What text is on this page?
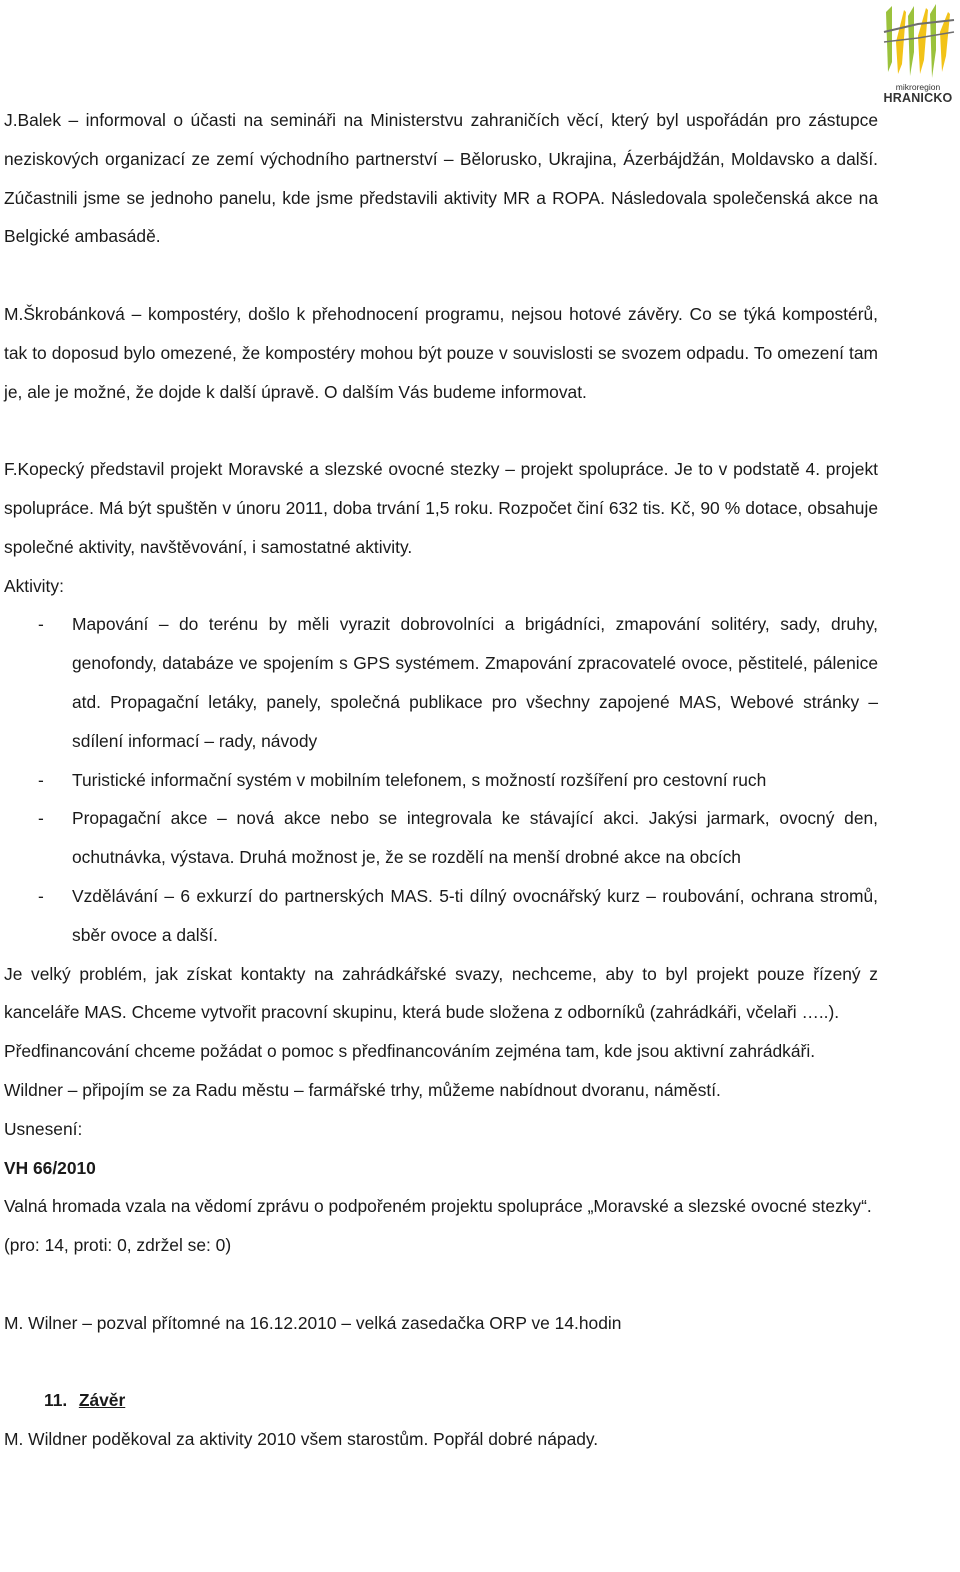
mikroregion
HRANICKO

J.Balek – informoval o účasti na semináři na Ministerstvu zahraničích věcí, který byl uspořádán pro zástupce neziskových organizací ze zemí východního partnerství – Bělorusko, Ukrajina, Ázerbájdžán, Moldavsko a další. Zúčastnili jsme se jednoho panelu, kde jsme představili aktivity MR a ROPA. Následovala společenská akce na Belgické ambasádě.

M.Škrobánková – kompostéry, došlo k přehodnocení programu, nejsou hotové závěry. Co se týká kompostérů, tak to doposud bylo omezené, že kompostéry mohou být pouze v souvislosti se svozem odpadu. To omezení tam je, ale je možné, že dojde k další úpravě. O dalším Vás budeme informovat.

F.Kopecký představil projekt Moravské a slezské ovocné stezky – projekt spolupráce. Je to v podstatě 4. projekt spolupráce. Má být spuštěn v únoru 2011, doba trvání 1,5 roku. Rozpočet činí 632 tis. Kč, 90 % dotace, obsahuje společné aktivity, navštěvování, i samostatné aktivity.

Aktivity:

- Mapování – do terénu by měli vyrazit dobrovolníci a brigádníci, zmapování solitéry, sady, druhy, genofondy, databáze ve spojením s GPS systémem. Zmapování zpracovatelé ovoce, pěstitelé, pálenice atd. Propagační letáky, panely, společná publikace pro všechny zapojené MAS, Webové stránky – sdílení informací – rady, návody
- Turistické informační systém v mobilním telefonem, s možností rozšíření pro cestovní ruch
- Propagační akce – nová akce nebo se integrovala ke stávající akci. Jakýsi jarmark, ovocný den, ochutnávka, výstava. Druhá možnost je, že se rozdělí na menší drobné akce na obcích
- Vzdělávání – 6 exkurzí do partnerských MAS. 5-ti dílný ovocnářský kurz – roubování, ochrana stromů, sběr ovoce a další.

Je velký problém, jak získat kontakty na zahrádkářské svazy, nechceme, aby to byl projekt pouze řízený z kanceláře MAS. Chceme vytvořit pracovní skupinu, která bude složena z odborníků (zahrádkáři, včelaři …..).

Předfinancování chceme požádat o pomoc s předfinancováním zejména tam, kde jsou aktivní zahrádkáři.

Wildner – připojím se za Radu městu – farmářské trhy, můžeme nabídnout dvoranu, náměstí.

Usnesení:

VH 66/2010

Valná hromada vzala na vědomí zprávu o podpořeném projektu spolupráce „Moravské a slezské ovocné stezky“.

(pro: 14, proti: 0, zdržel se: 0)

M. Wilner – pozval přítomné na 16.12.2010 – velká zasedačka ORP ve 14.hodin

11. Závěr

M. Wildner poděkoval za aktivity 2010 všem starostům. Popřál dobré nápady.
